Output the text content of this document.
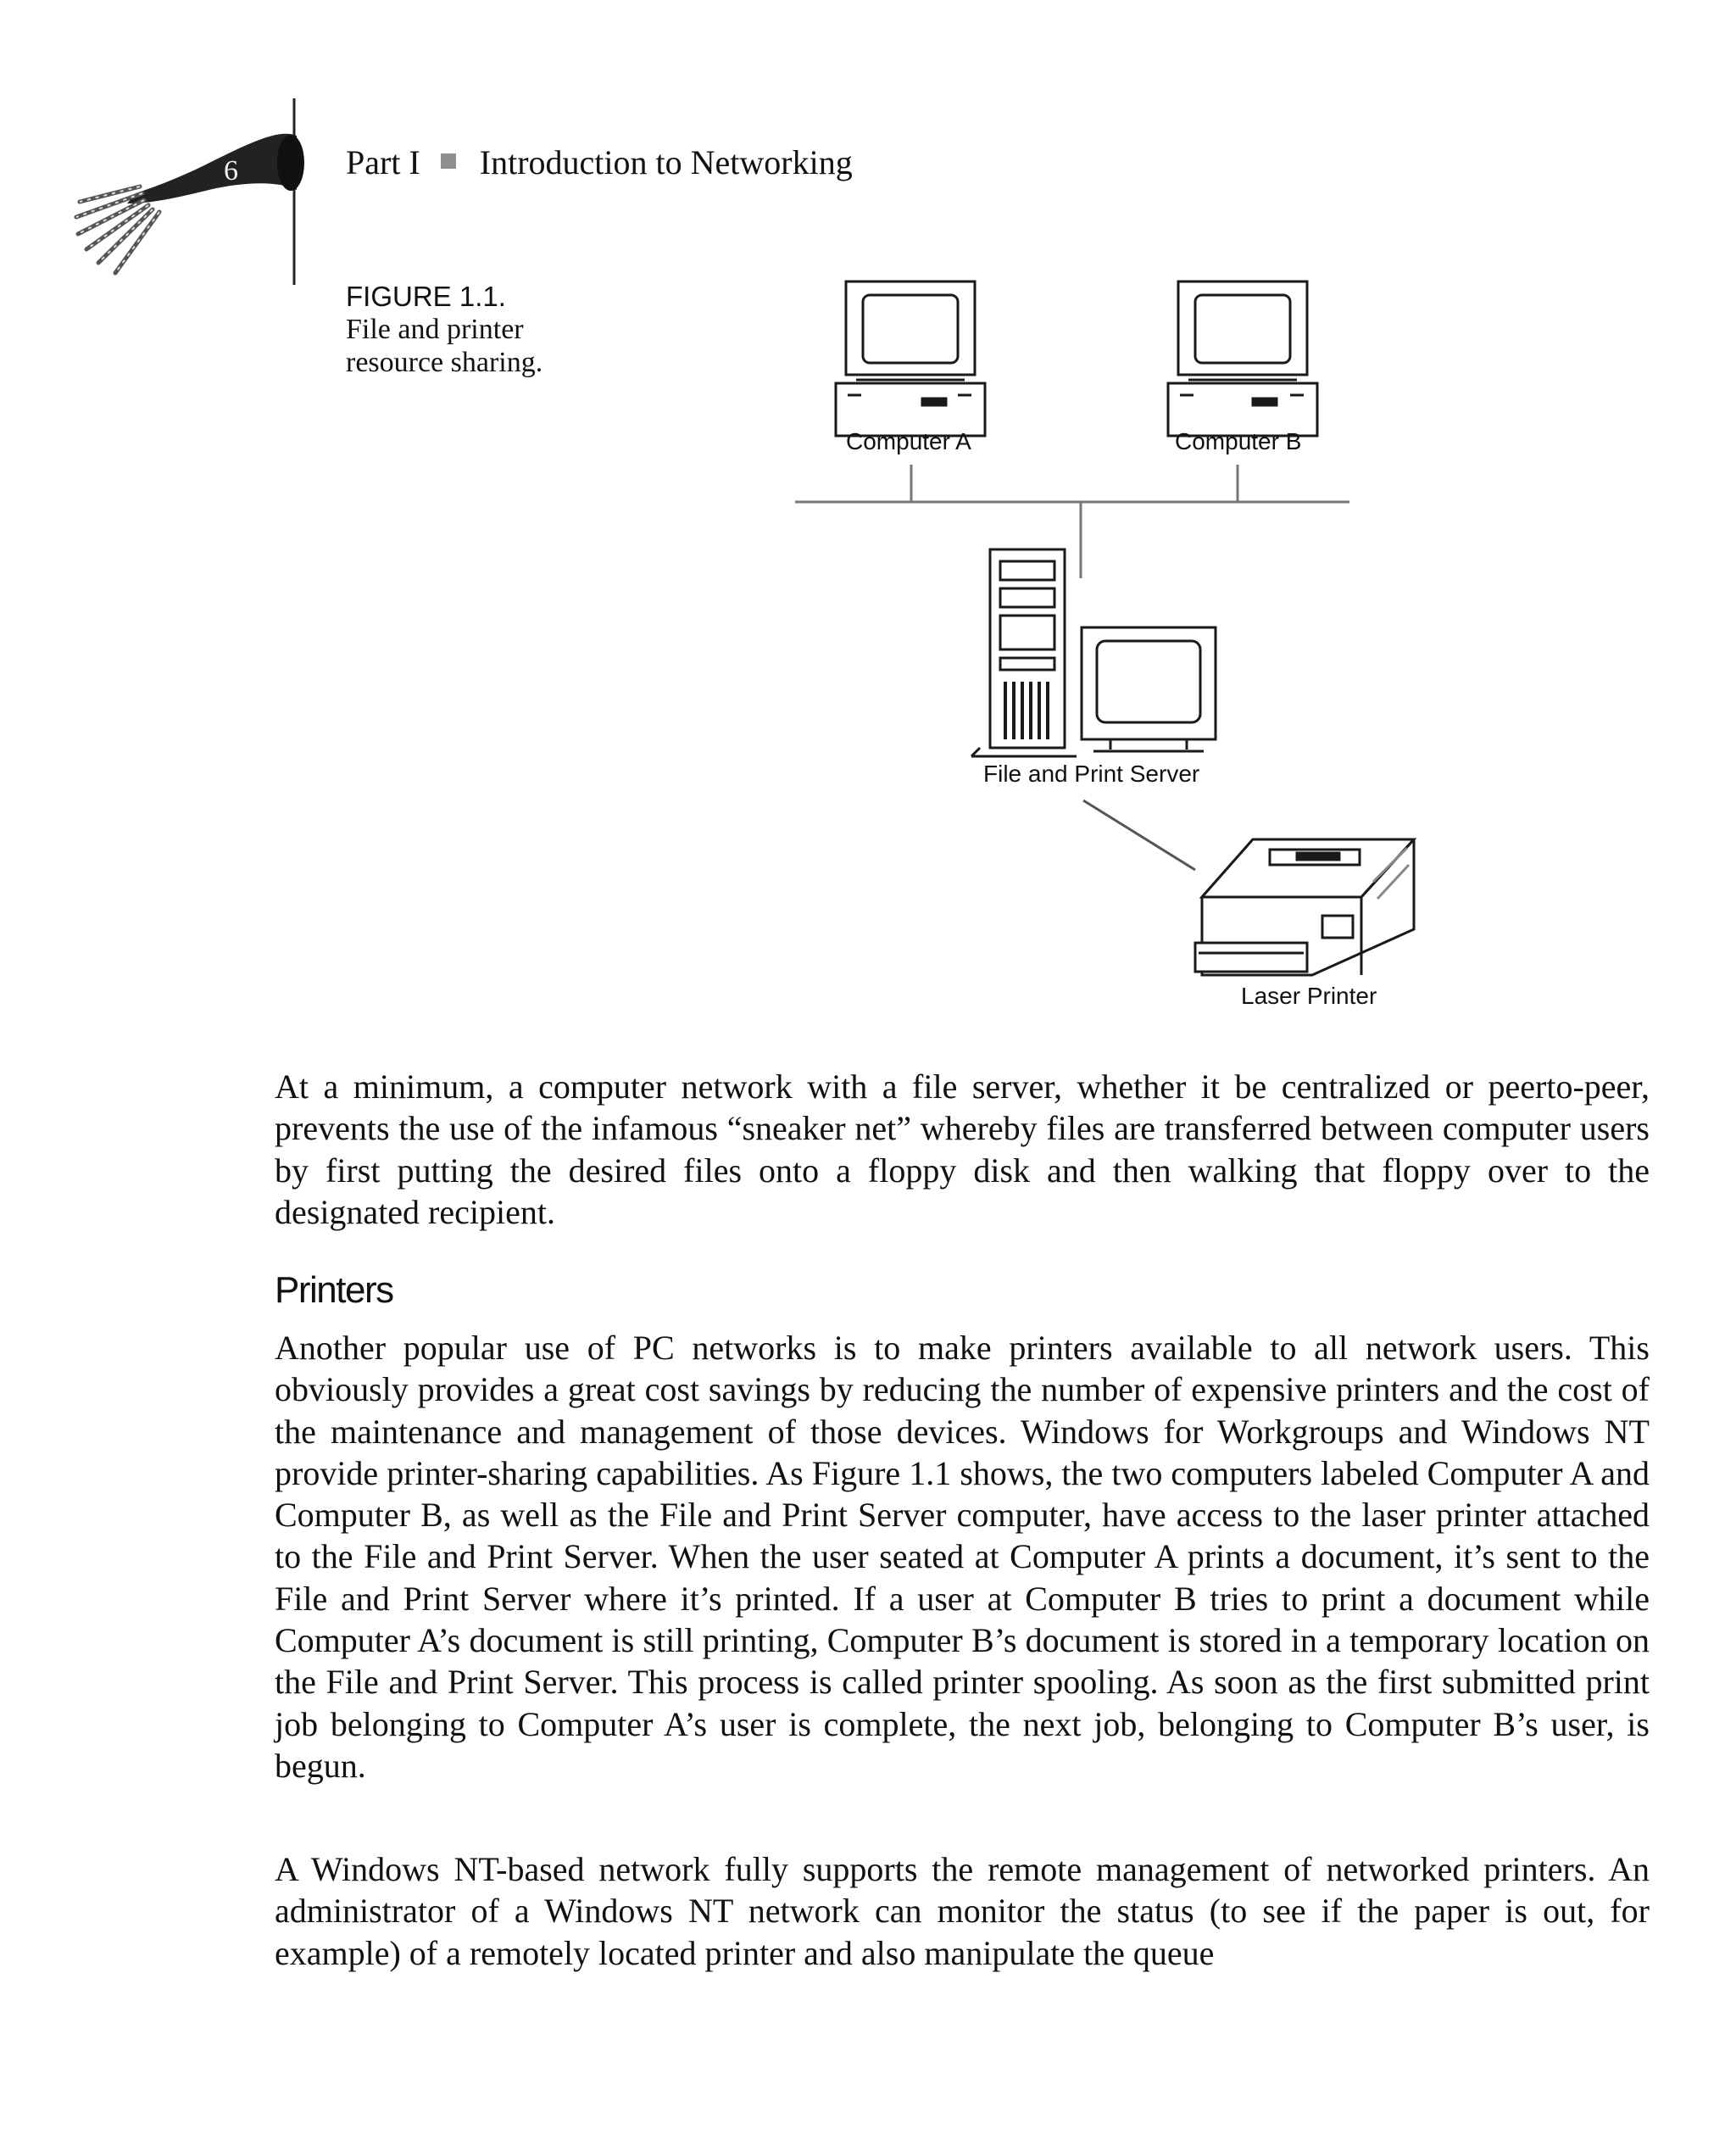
6	Part I Introduction to Networking
FIGURE 1.1.
File and printer
resource sharing.
Computer A	Computer B
File and Print Server
Laser Printer

At a minimum, a computer network with a file server, whether it be centralized or peerto-peer, prevents the use of the infamous “sneaker net” whereby files are transferred between computer users by first putting the desired files onto a floppy disk and then walking that floppy over to the designated recipient.

Printers

Another popular use of PC networks is to make printers available to all network users. This obviously provides a great cost savings by reducing the number of expensive printers and the cost of the maintenance and management of those devices. Windows for Workgroups and Windows NT provide printer-sharing capabilities. As Figure 1.1 shows, the two computers labeled Computer A and Computer B, as well as the File and Print Server computer, have access to the laser printer attached to the File and Print Server. When the user seated at Computer A prints a document, it’s sent to the File and Print Server where it’s printed. If a user at Computer B tries to print a document while Computer A’s document is still printing, Computer B’s document is stored in a temporary location on the File and Print Server. This process is called printer spooling. As soon as the first submitted print job belonging to Computer A’s user is complete, the next job, belonging to Computer B’s user, is begun.

A Windows NT-based network fully supports the remote management of networked printers. An administrator of a Windows NT network can monitor the status (to see if the paper is out, for example) of a remotely located printer and also manipulate the queue
